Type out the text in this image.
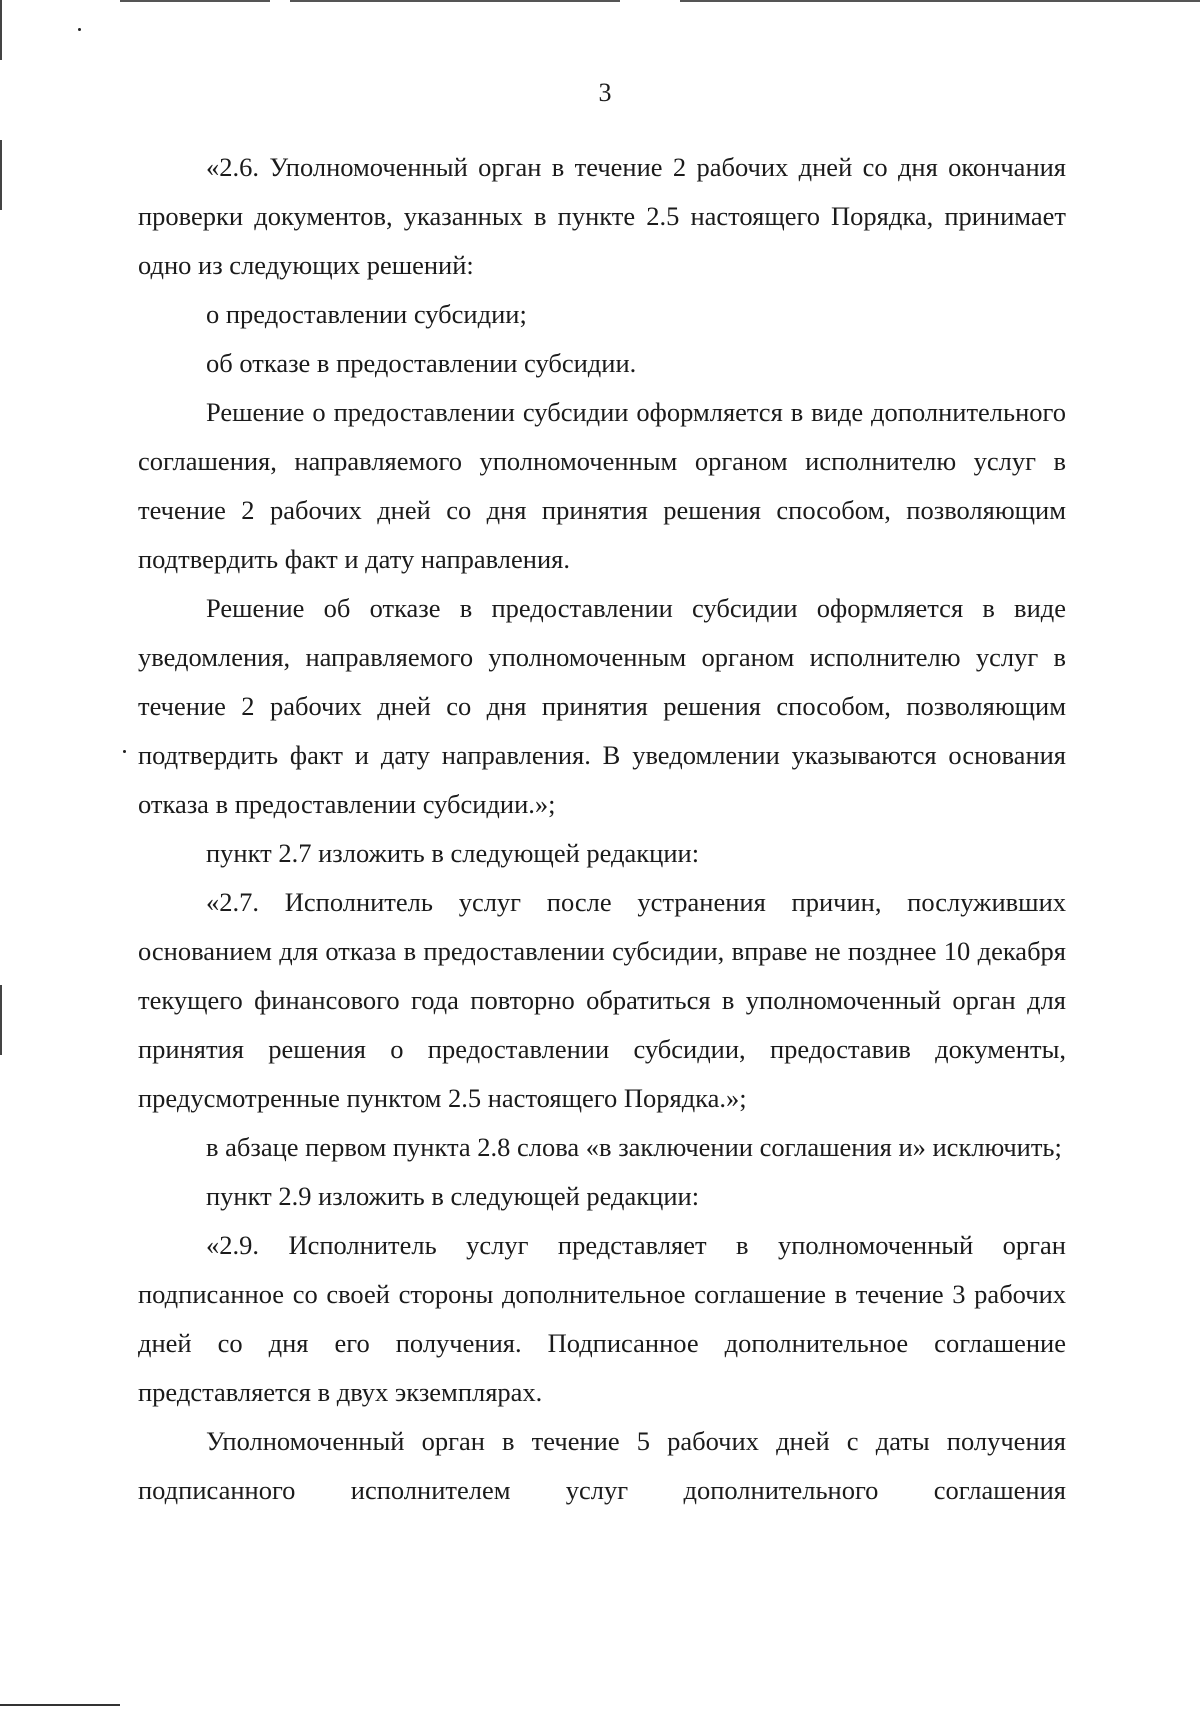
3

«2.6. Уполномоченный орган в течение 2 рабочих дней со дня окончания проверки документов, указанных в пункте 2.5 настоящего Порядка, принимает одно из следующих решений:

о предоставлении субсидии;

об отказе в предоставлении субсидии.

Решение о предоставлении субсидии оформляется в виде дополнительного соглашения, направляемого уполномоченным органом исполнителю услуг в течение 2 рабочих дней со дня принятия решения способом, позволяющим подтвердить факт и дату направления.

Решение об отказе в предоставлении субсидии оформляется в виде уведомления, направляемого уполномоченным органом исполнителю услуг в течение 2 рабочих дней со дня принятия решения способом, позволяющим подтвердить факт и дату направления. В уведомлении указываются основания отказа в предоставлении субсидии.»;

пункт 2.7 изложить в следующей редакции:

«2.7. Исполнитель услуг после устранения причин, послуживших основанием для отказа в предоставлении субсидии, вправе не позднее 10 декабря текущего финансового года повторно обратиться в уполномоченный орган для принятия решения о предоставлении субсидии, предоставив документы, предусмотренные пунктом 2.5 настоящего Порядка.»;

в абзаце первом пункта 2.8 слова «в заключении соглашения и» исключить;

пункт 2.9 изложить в следующей редакции:

«2.9. Исполнитель услуг представляет в уполномоченный орган подписанное со своей стороны дополнительное соглашение в течение 3 рабочих дней со дня его получения. Подписанное дополнительное соглашение представляется в двух экземплярах.

Уполномоченный орган в течение 5 рабочих дней с даты получения подписанного исполнителем услуг дополнительного соглашения
